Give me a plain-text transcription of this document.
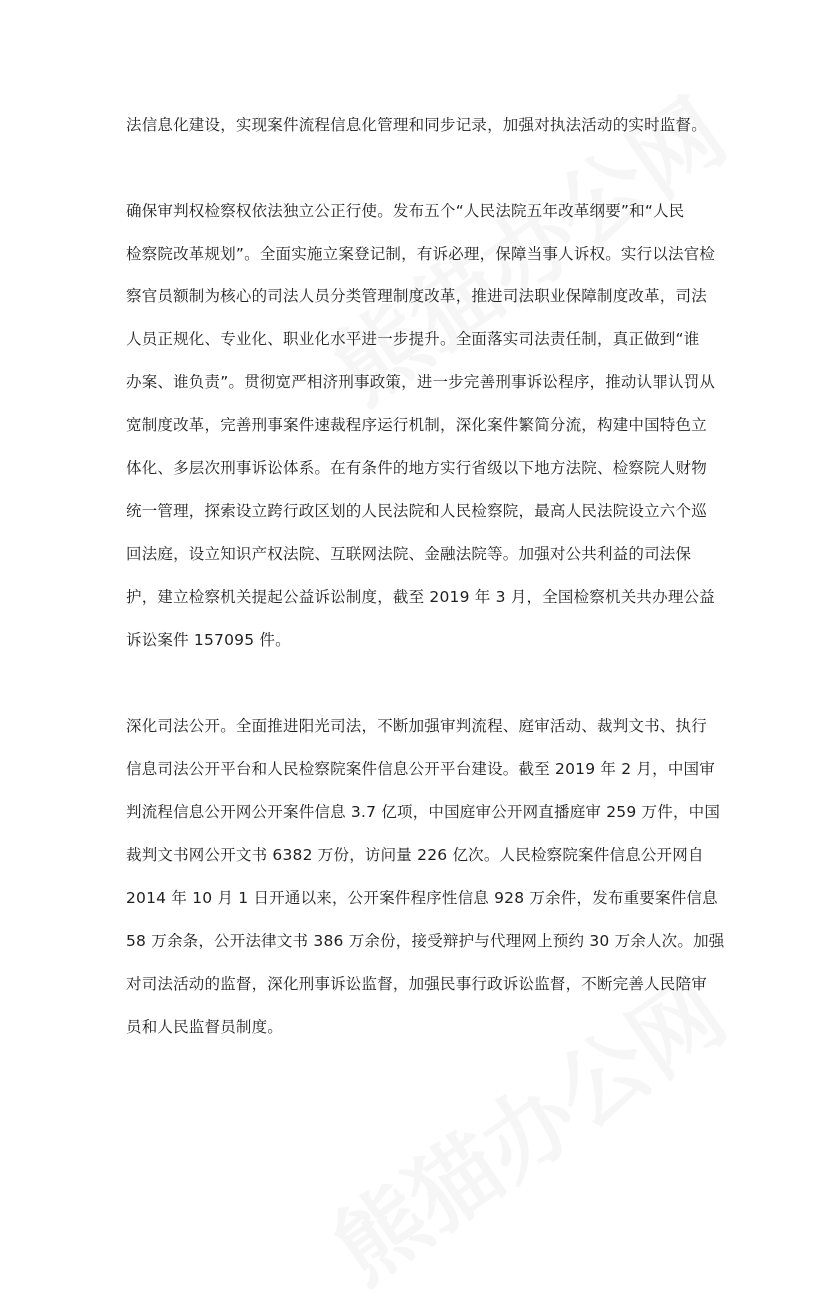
法信息化建设，实现案件流程信息化管理和同步记录，加强对执法活动的实时监督。
确保审判权检察权依法独立公正行使。发布五个“人民法院五年改革纲要”和“人民
检察院改革规划”。全面实施立案登记制，有诉必理，保障当事人诉权。实行以法官检
察官员额制为核心的司法人员分类管理制度改革，推进司法职业保障制度改革，司法
人员正规化、专业化、职业化水平进一步提升。全面落实司法责任制，真正做到“谁
办案、谁负责”。贯彻宽严相济刑事政策，进一步完善刑事诉讼程序，推动认罪认罚从
宽制度改革，完善刑事案件速裁程序运行机制，深化案件繁简分流，构建中国特色立
体化、多层次刑事诉讼体系。在有条件的地方实行省级以下地方法院、检察院人财物
统一管理，探索设立跨行政区划的人民法院和人民检察院，最高人民法院设立六个巡
回法庭，设立知识产权法院、互联网法院、金融法院等。加强对公共利益的司法保
护，建立检察机关提起公益诉讼制度，截至 2019 年 3 月，全国检察机关共办理公益
诉讼案件 157095 件。
深化司法公开。全面推进阳光司法，不断加强审判流程、庭审活动、裁判文书、执行
信息司法公开平台和人民检察院案件信息公开平台建设。截至 2019 年 2 月，中国审
判流程信息公开网公开案件信息 3.7 亿项，中国庭审公开网直播庭审 259 万件，中国
裁判文书网公开文书 6382 万份，访问量 226 亿次。人民检察院案件信息公开网自
2014 年 10 月 1 日开通以来，公开案件程序性信息 928 万余件，发布重要案件信息
58 万余条，公开法律文书 386 万余份，接受辩护与代理网上预约 30 万余人次。加强
对司法活动的监督，深化刑事诉讼监督，加强民事行政诉讼监督，不断完善人民陪审
员和人民监督员制度。
